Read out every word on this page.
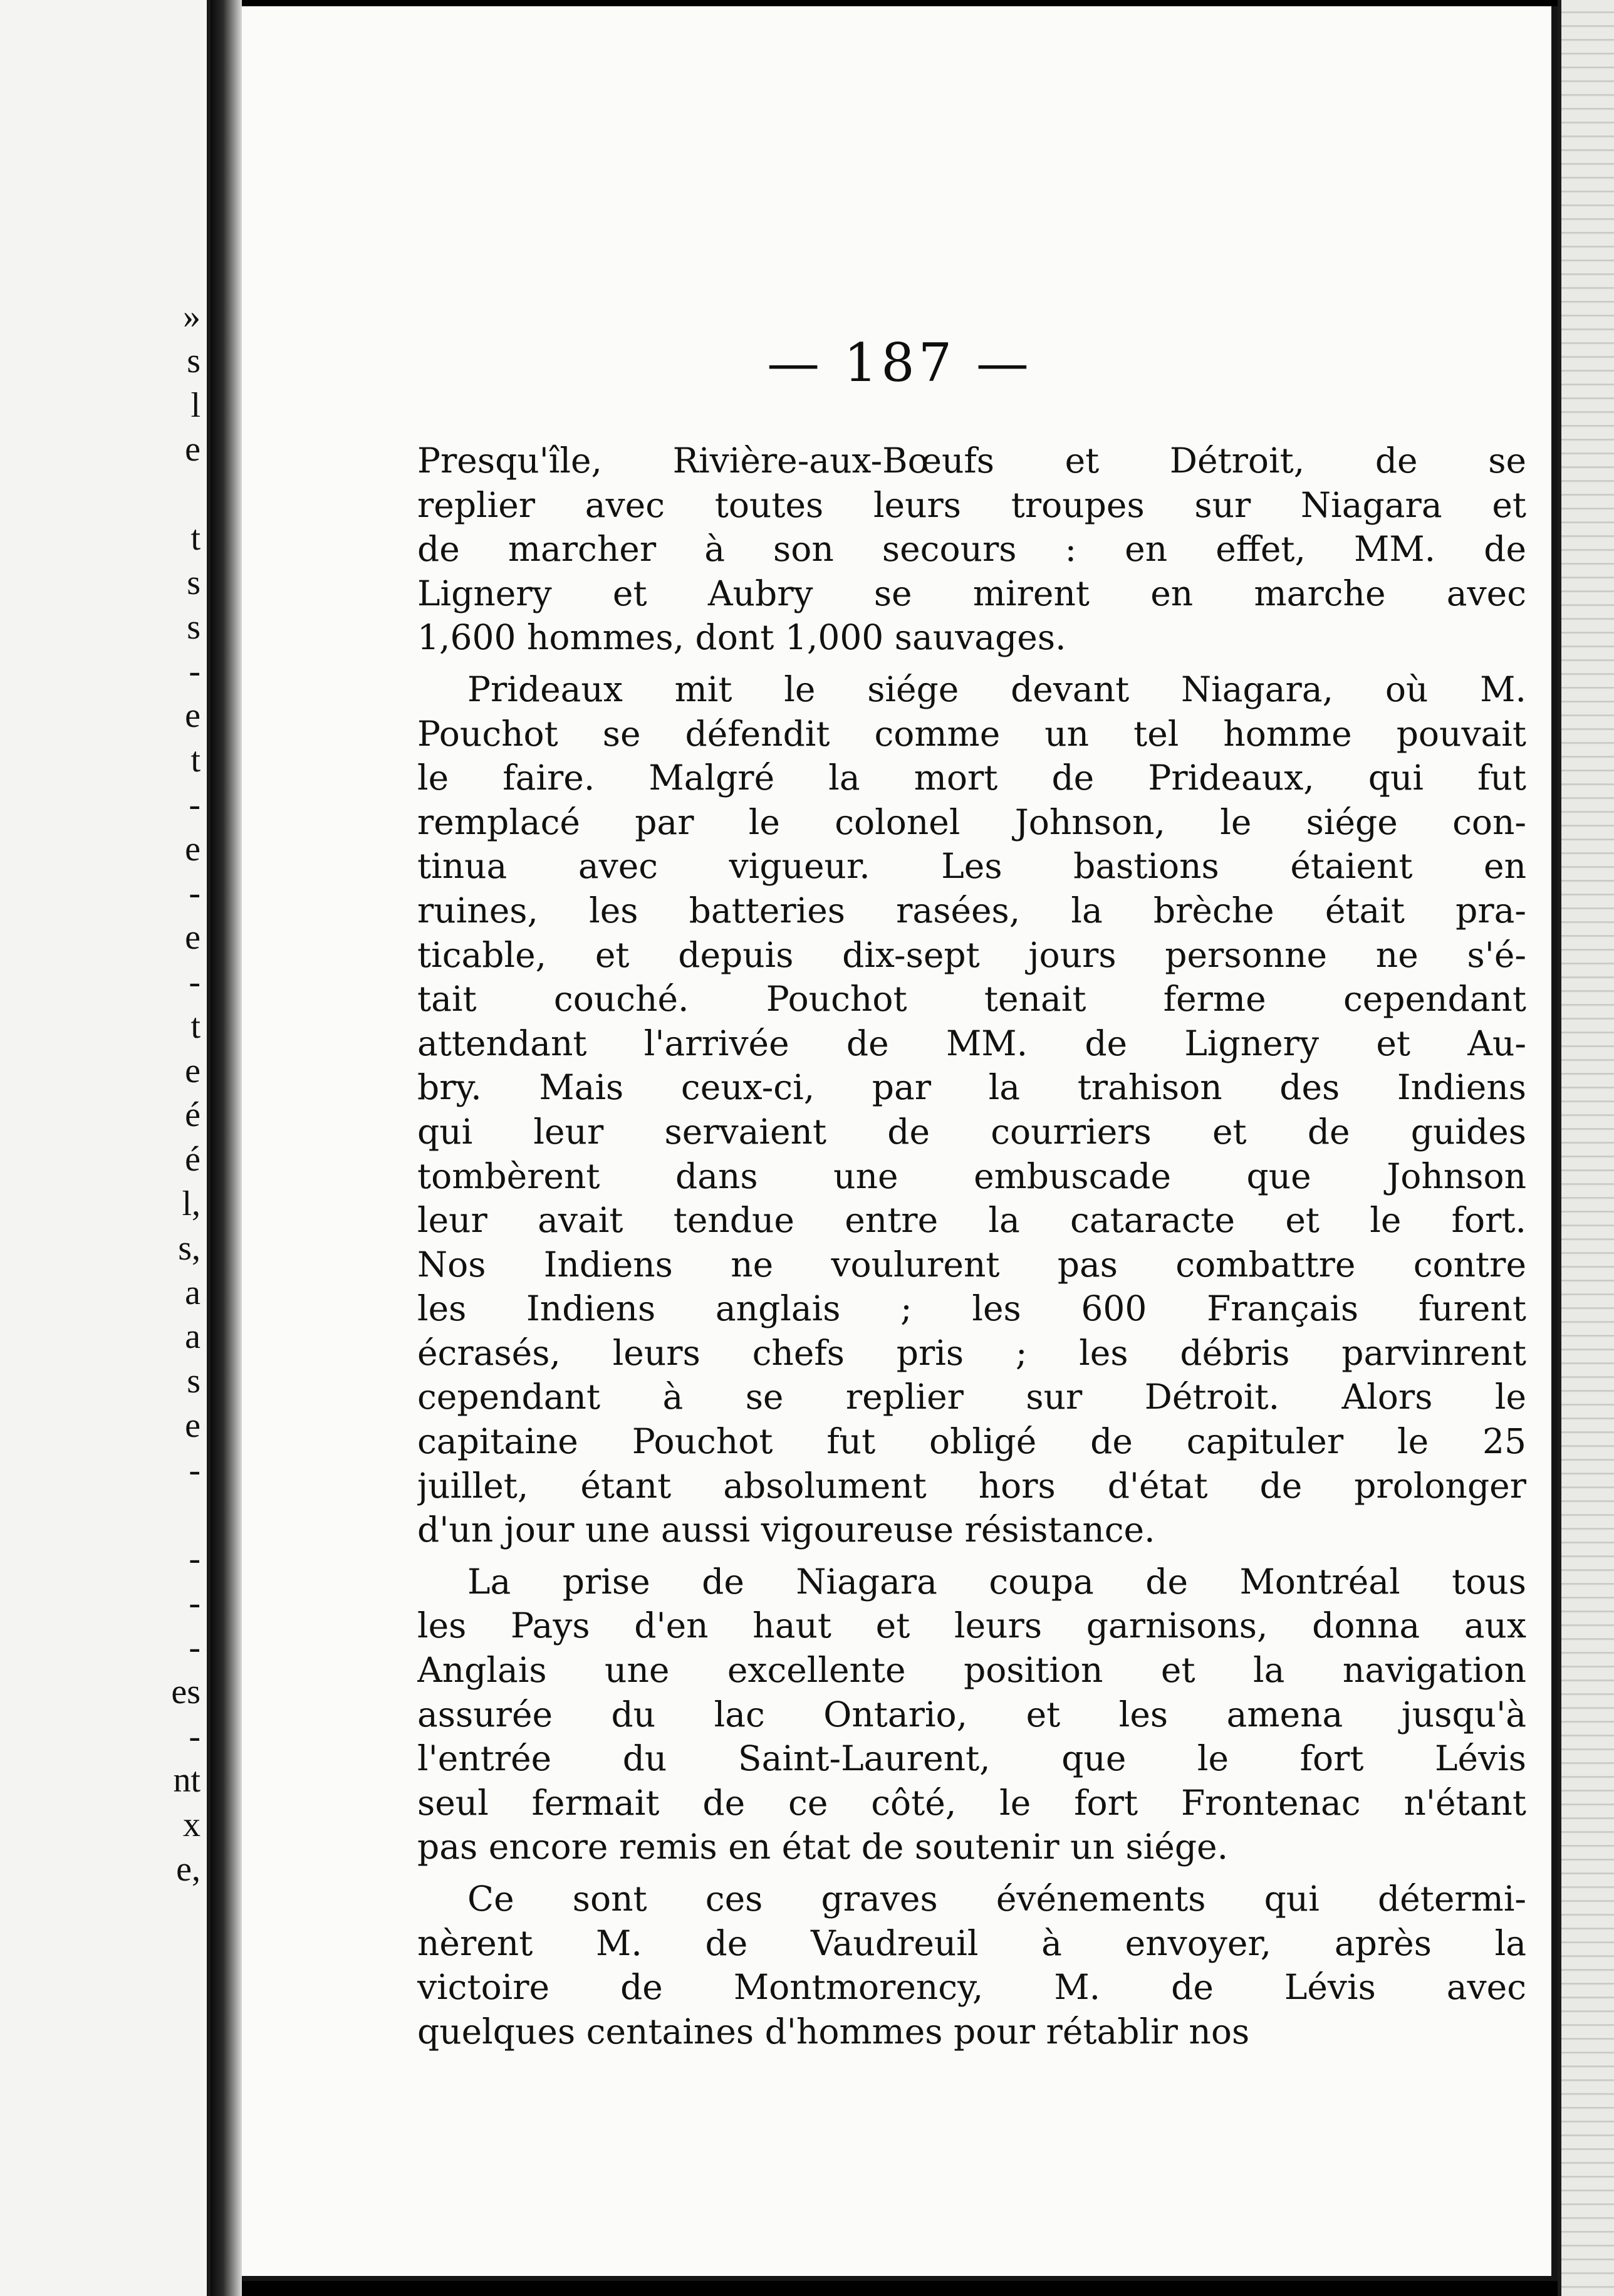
»
s
l
e
t
s
s
-
e
t
-
e
-
e
-
t
e
é
é
l,
s,
a
a
s
e
-
-
-
-
es
-
nt
x
e,
— 187 —
Presqu'île, Rivière-aux-Bœufs et Détroit, de se
replier avec toutes leurs troupes sur Niagara et
de marcher à son secours : en effet, MM. de
Lignery et Aubry se mirent en marche avec
1,600 hommes, dont 1,000 sauvages.
Prideaux mit le siége devant Niagara, où M.
Pouchot se défendit comme un tel homme pouvait
le faire. Malgré la mort de Prideaux, qui fut
remplacé par le colonel Johnson, le siége con-
tinua avec vigueur. Les bastions étaient en
ruines, les batteries rasées, la brèche était pra-
ticable, et depuis dix-sept jours personne ne s'é-
tait couché. Pouchot tenait ferme cependant
attendant l'arrivée de MM. de Lignery et Au-
bry. Mais ceux-ci, par la trahison des Indiens
qui leur servaient de courriers et de guides
tombèrent dans une embuscade que Johnson
leur avait tendue entre la cataracte et le fort.
Nos Indiens ne voulurent pas combattre contre
les Indiens anglais ; les 600 Français furent
écrasés, leurs chefs pris ; les débris parvinrent
cependant à se replier sur Détroit. Alors le
capitaine Pouchot fut obligé de capituler le 25
juillet, étant absolument hors d'état de prolonger
d'un jour une aussi vigoureuse résistance.
La prise de Niagara coupa de Montréal tous
les Pays d'en haut et leurs garnisons, donna aux
Anglais une excellente position et la navigation
assurée du lac Ontario, et les amena jusqu'à
l'entrée du Saint-Laurent, que le fort Lévis
seul fermait de ce côté, le fort Frontenac n'étant
pas encore remis en état de soutenir un siége.
Ce sont ces graves événements qui détermi-
nèrent M. de Vaudreuil à envoyer, après la
victoire de Montmorency, M. de Lévis avec
quelques centaines d'hommes pour rétablir nos
